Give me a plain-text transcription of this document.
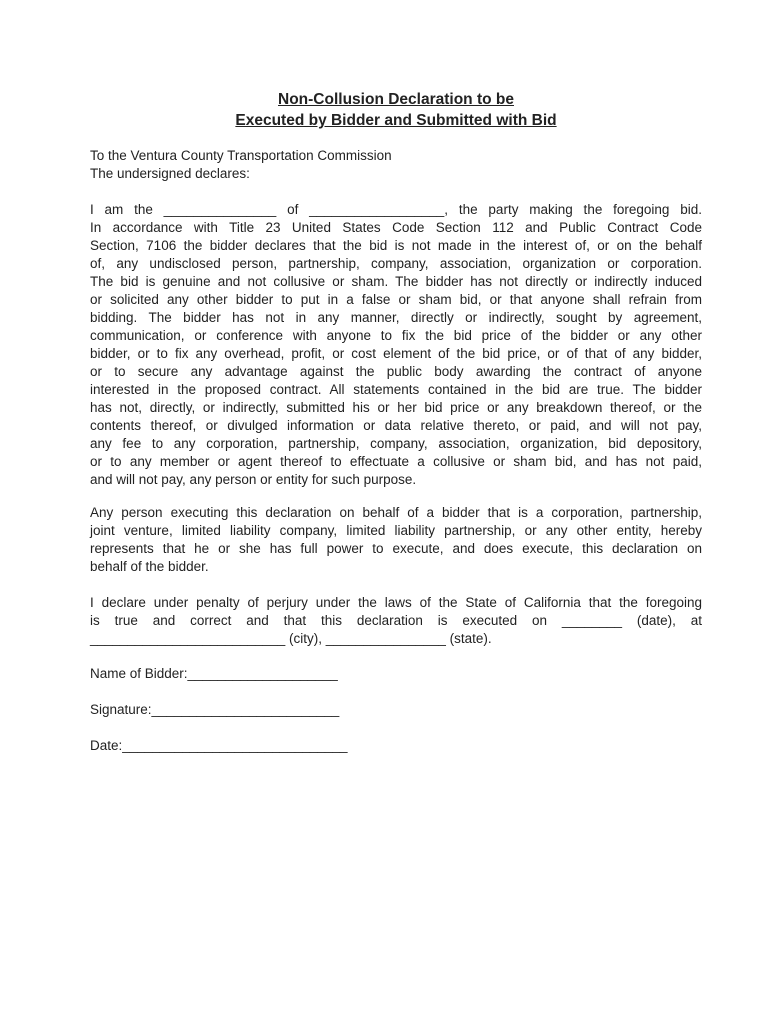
Non-Collusion Declaration to be
Executed by Bidder and Submitted with Bid
To the Ventura County Transportation Commission
The undersigned declares:
I am the _______________ of __________________, the party making the foregoing bid.
In accordance with Title 23 United States Code Section 112 and Public Contract Code
Section, 7106 the bidder declares that the bid is not made in the interest of, or on the behalf
of, any undisclosed person, partnership, company, association, organization or corporation.
The bid is genuine and not collusive or sham. The bidder has not directly or indirectly induced
or solicited any other bidder to put in a false or sham bid, or that anyone shall refrain from
bidding. The bidder has not in any manner, directly or indirectly, sought by agreement,
communication, or conference with anyone to fix the bid price of the bidder or any other
bidder, or to fix any overhead, profit, or cost element of the bid price, or of that of any bidder,
or to secure any advantage against the public body awarding the contract of anyone
interested in the proposed contract. All statements contained in the bid are true. The bidder
has not, directly, or indirectly, submitted his or her bid price or any breakdown thereof, or the
contents thereof, or divulged information or data relative thereto, or paid, and will not pay,
any fee to any corporation, partnership, company, association, organization, bid depository,
or to any member or agent thereof to effectuate a collusive or sham bid, and has not paid,
and will not pay, any person or entity for such purpose.
Any person executing this declaration on behalf of a bidder that is a corporation, partnership,
joint venture, limited liability company, limited liability partnership, or any other entity, hereby
represents that he or she has full power to execute, and does execute, this declaration on
behalf of the bidder.
I declare under penalty of perjury under the laws of the State of California that the foregoing
is true and correct and that this declaration is executed on ________ (date), at
__________________________ (city), ________________ (state).
Name of Bidder:____________________
Signature:_________________________
Date:______________________________
